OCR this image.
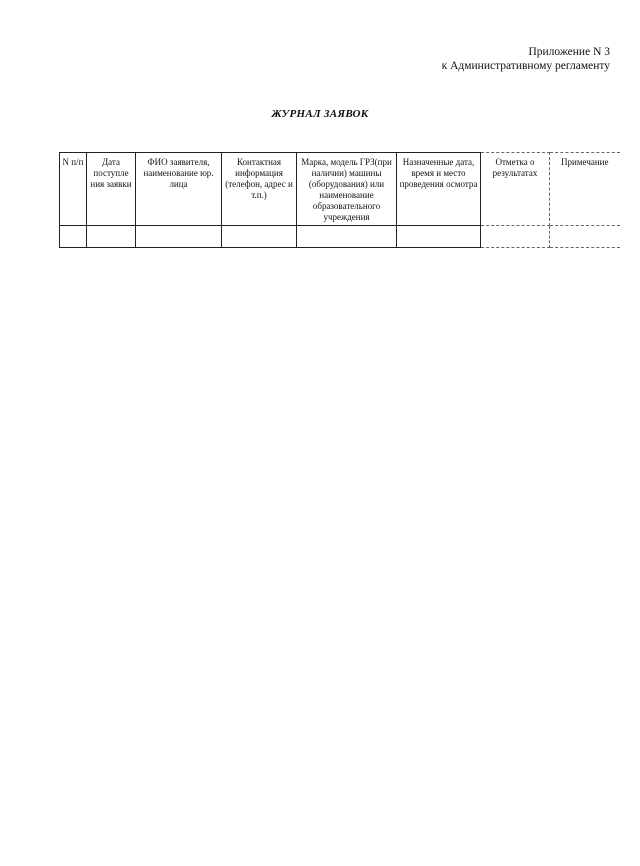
Приложение N 3
к Административному регламенту
ЖУРНАЛ ЗАЯВОК
N п/п	Дата поступле ния заявки	ФИО заявителя, наименование юр. лица	Контактная информация (телефон, адрес и т.п.)	Марка, модель ГРЗ(при наличии) машины (оборудования) или наименование образовательного учреждения	Назначенные дата, время и место проведения осмотра	Отметка о результатах	Примечание
